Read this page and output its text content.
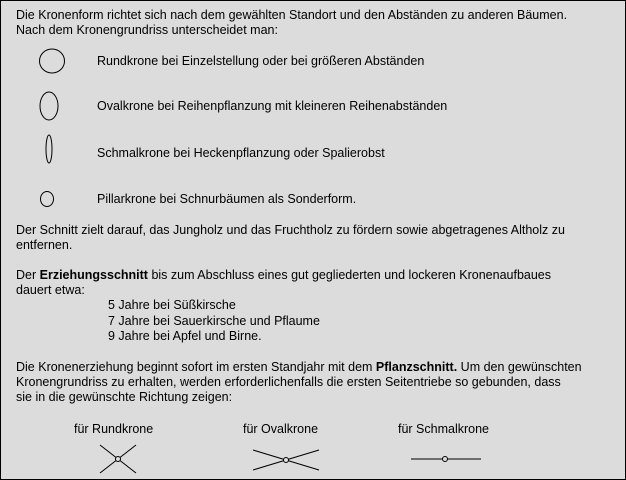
Die Kronenform richtet sich nach dem gewählten Standort und den Abständen zu anderen Bäumen.
Nach dem Kronengrundriss unterscheidet man:
Rundkrone bei Einzelstellung oder bei größeren Abständen
Ovalkrone bei Reihenpflanzung mit kleineren Reihenabständen
Schmalkrone bei Heckenpflanzung oder Spalierobst
Pillarkrone bei Schnurbäumen als Sonderform.
Der Schnitt zielt darauf, das Jungholz und das Fruchtholz zu fördern sowie abgetragenes Altholz zu
entfernen.
Der Erziehungsschnitt bis zum Abschluss eines gut gegliederten und lockeren Kronenaufbaues
dauert etwa:
5 Jahre bei Süßkirsche
7 Jahre bei Sauerkirsche und Pflaume
9 Jahre bei Apfel und Birne.
Die Kronenerziehung beginnt sofort im ersten Standjahr mit dem Pflanzschnitt. Um den gewünschten
Kronengrundriss zu erhalten, werden erforderlichenfalls die ersten Seitentriebe so gebunden, dass
sie in die gewünschte Richtung zeigen:
für Rundkrone	für Ovalkrone	für Schmalkrone
